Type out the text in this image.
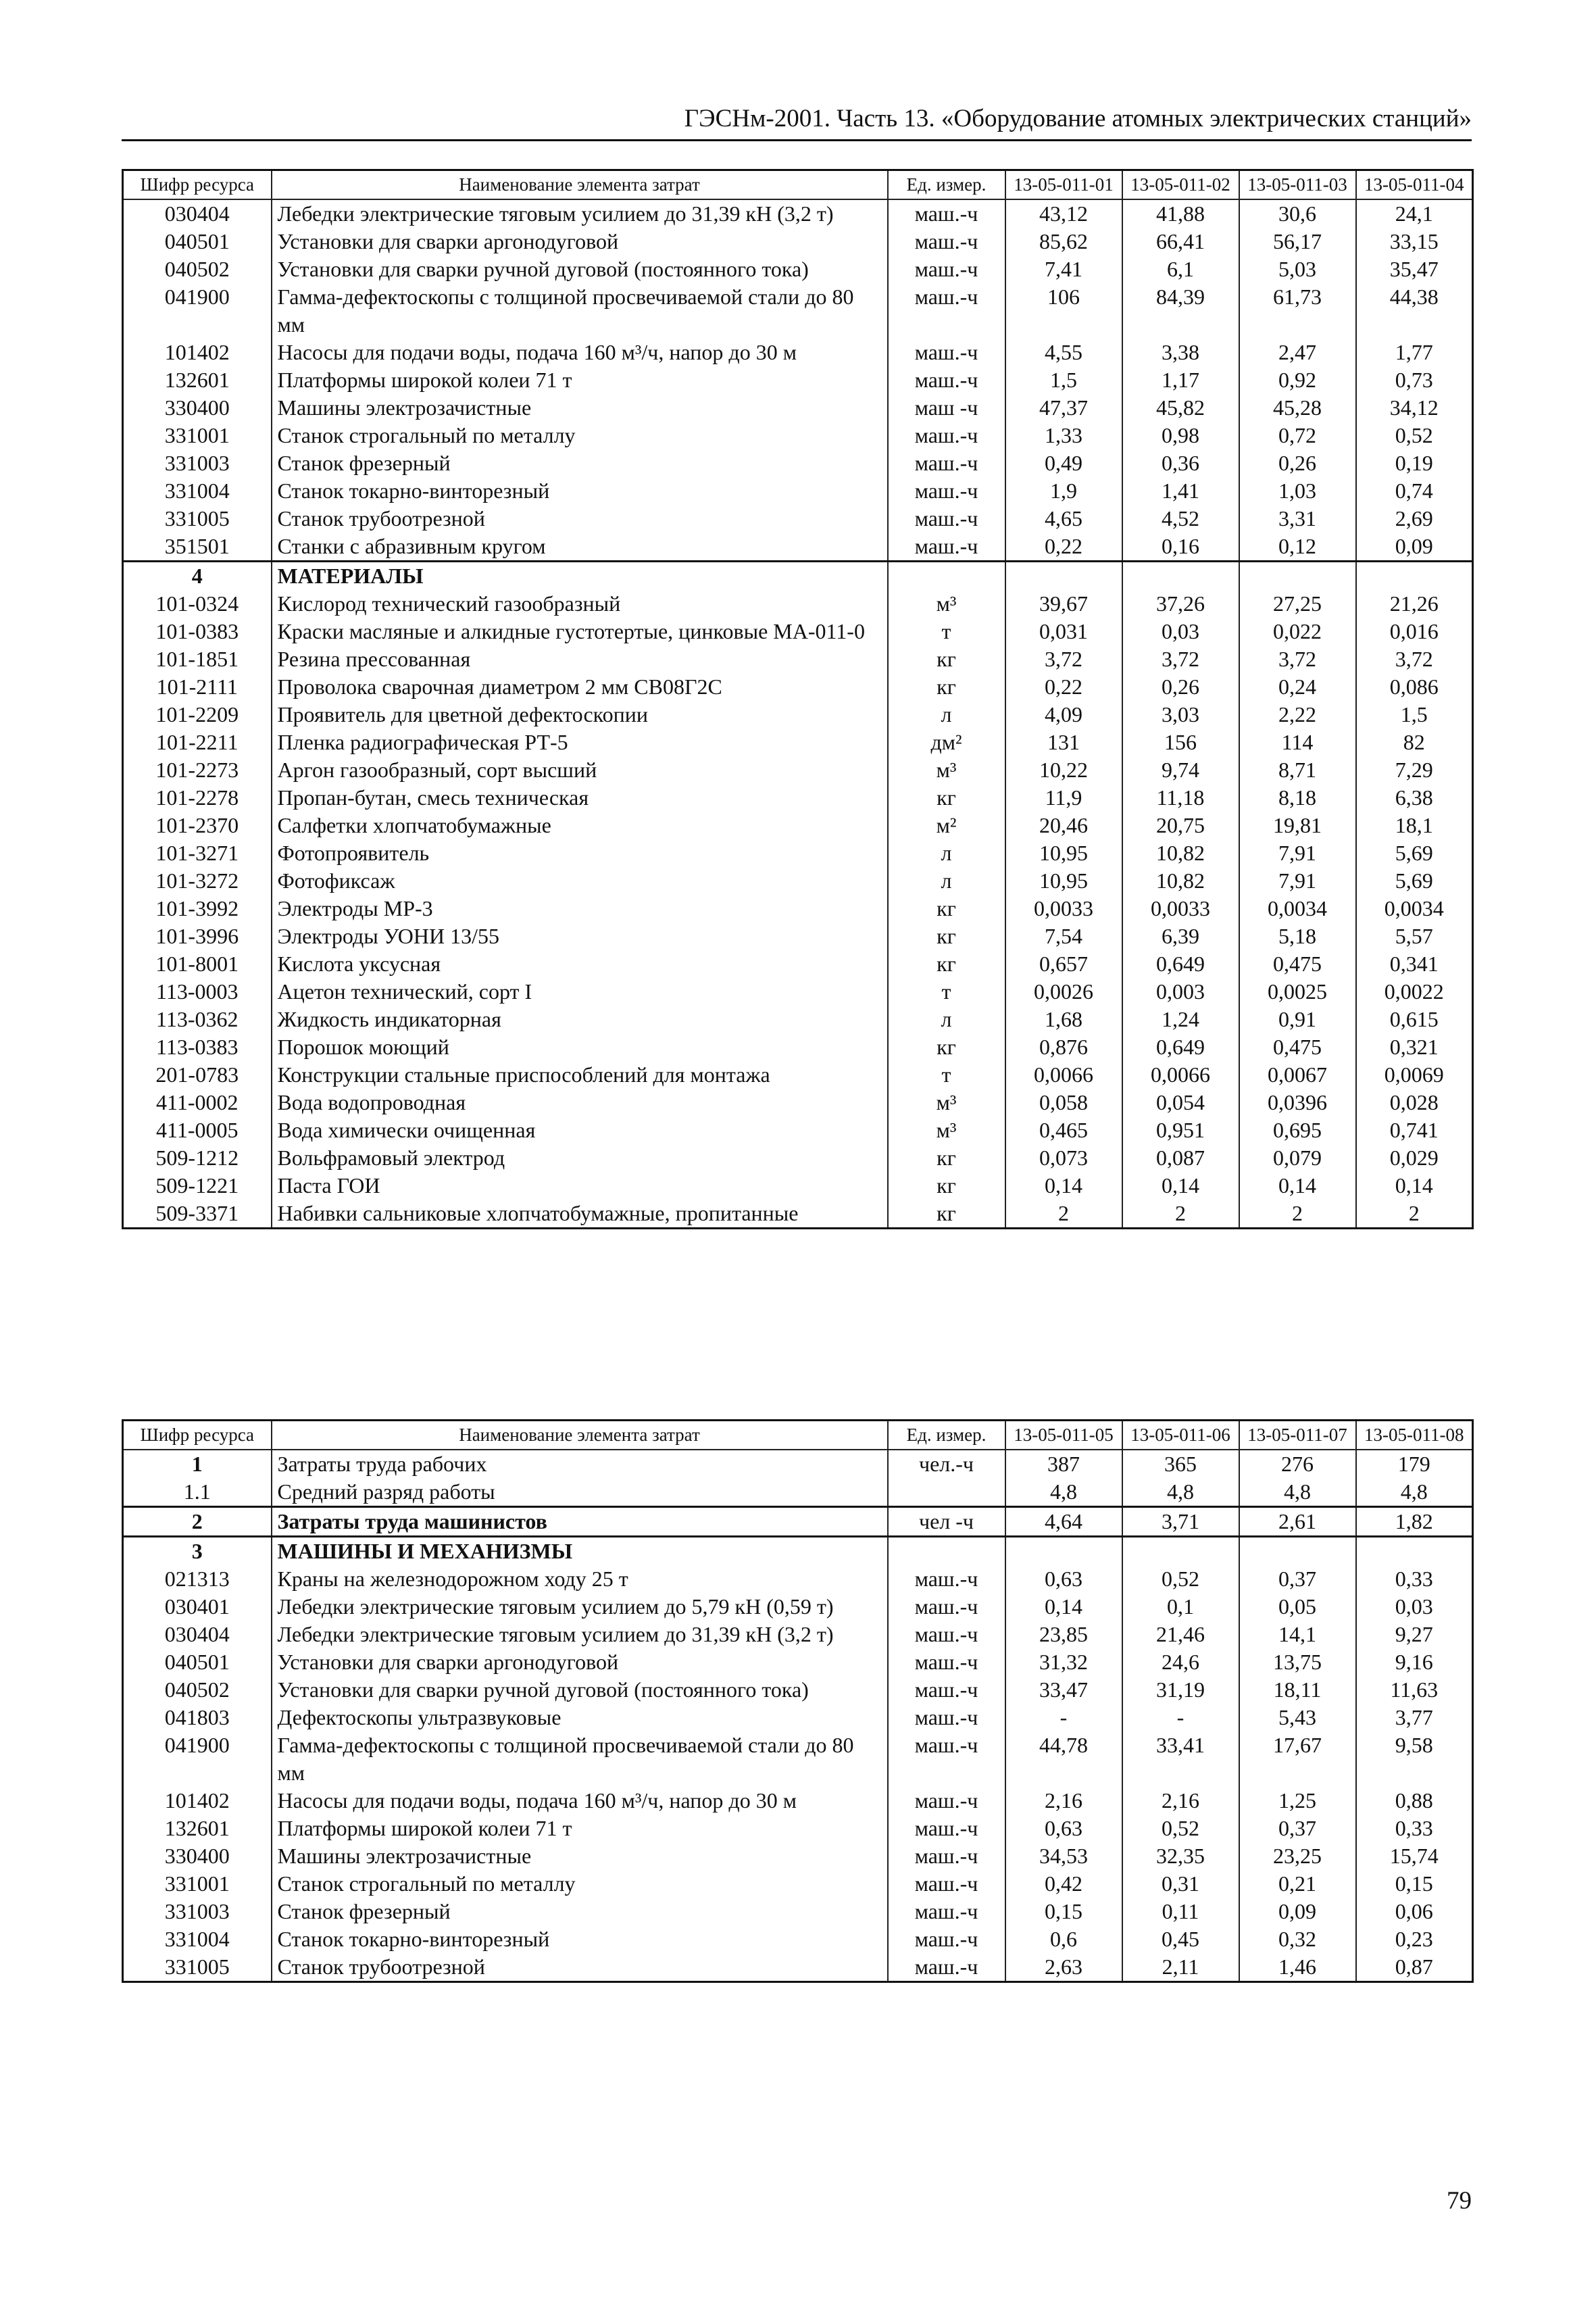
ГЭСНм-2001. Часть 13. «Оборудование атомных электрических станций»
Шифр ресурса	Наименование элемента затрат	Ед. измер.	13-05-011-01	13-05-011-02	13-05-011-03	13-05-011-04
030404	Лебедки электрические тяговым усилием до 31,39 кН (3,2 т)	маш.-ч	43,12	41,88	30,6	24,1
040501	Установки для сварки аргонодуговой	маш.-ч	85,62	66,41	56,17	33,15
040502	Установки для сварки ручной дуговой (постоянного тока)	маш.-ч	7,41	6,1	5,03	35,47
041900	Гамма-дефектоскопы с толщиной просвечиваемой стали до 80 мм	маш.-ч	106	84,39	61,73	44,38
101402	Насосы для подачи воды, подача 160 м³/ч, напор до 30 м	маш.-ч	4,55	3,38	2,47	1,77
132601	Платформы широкой колеи 71 т	маш.-ч	1,5	1,17	0,92	0,73
330400	Машины электрозачистные	маш -ч	47,37	45,82	45,28	34,12
331001	Станок строгальный по металлу	маш.-ч	1,33	0,98	0,72	0,52
331003	Станок фрезерный	маш.-ч	0,49	0,36	0,26	0,19
331004	Станок токарно-винторезный	маш.-ч	1,9	1,41	1,03	0,74
331005	Станок трубоотрезной	маш.-ч	4,65	4,52	3,31	2,69
351501	Станки с абразивным кругом	маш.-ч	0,22	0,16	0,12	0,09
4	МАТЕРИАЛЫ					
101-0324	Кислород технический газообразный	м³	39,67	37,26	27,25	21,26
101-0383	Краски масляные и алкидные густотертые, цинковые МА-011-0	т	0,031	0,03	0,022	0,016
101-1851	Резина прессованная	кг	3,72	3,72	3,72	3,72
101-2111	Проволока сварочная диаметром 2 мм СВ08Г2С	кг	0,22	0,26	0,24	0,086
101-2209	Проявитель для цветной дефектоскопии	л	4,09	3,03	2,22	1,5
101-2211	Пленка радиографическая РТ-5	дм²	131	156	114	82
101-2273	Аргон газообразный, сорт высший	м³	10,22	9,74	8,71	7,29
101-2278	Пропан-бутан, смесь техническая	кг	11,9	11,18	8,18	6,38
101-2370	Салфетки хлопчатобумажные	м²	20,46	20,75	19,81	18,1
101-3271	Фотопроявитель	л	10,95	10,82	7,91	5,69
101-3272	Фотофиксаж	л	10,95	10,82	7,91	5,69
101-3992	Электроды МР-3	кг	0,0033	0,0033	0,0034	0,0034
101-3996	Электроды УОНИ 13/55	кг	7,54	6,39	5,18	5,57
101-8001	Кислота уксусная	кг	0,657	0,649	0,475	0,341
113-0003	Ацетон технический, сорт I	т	0,0026	0,003	0,0025	0,0022
113-0362	Жидкость индикаторная	л	1,68	1,24	0,91	0,615
113-0383	Порошок моющий	кг	0,876	0,649	0,475	0,321
201-0783	Конструкции стальные приспособлений для монтажа	т	0,0066	0,0066	0,0067	0,0069
411-0002	Вода водопроводная	м³	0,058	0,054	0,0396	0,028
411-0005	Вода химически очищенная	м³	0,465	0,951	0,695	0,741
509-1212	Вольфрамовый электрод	кг	0,073	0,087	0,079	0,029
509-1221	Паста ГОИ	кг	0,14	0,14	0,14	0,14
509-3371	Набивки сальниковые хлопчатобумажные, пропитанные	кг	2	2	2	2
Шифр ресурса	Наименование элемента затрат	Ед. измер.	13-05-011-05	13-05-011-06	13-05-011-07	13-05-011-08
1	Затраты труда рабочих	чел.-ч	387	365	276	179
1.1	Средний разряд работы		4,8	4,8	4,8	4,8
2	Затраты труда машинистов	чел -ч	4,64	3,71	2,61	1,82
3	МАШИНЫ И МЕХАНИЗМЫ					
021313	Краны на железнодорожном ходу 25 т	маш.-ч	0,63	0,52	0,37	0,33
030401	Лебедки электрические тяговым усилием до 5,79 кН (0,59 т)	маш.-ч	0,14	0,1	0,05	0,03
030404	Лебедки электрические тяговым усилием до 31,39 кН (3,2 т)	маш.-ч	23,85	21,46	14,1	9,27
040501	Установки для сварки аргонодуговой	маш.-ч	31,32	24,6	13,75	9,16
040502	Установки для сварки ручной дуговой (постоянного тока)	маш.-ч	33,47	31,19	18,11	11,63
041803	Дефектоскопы ультразвуковые	маш.-ч	-	-	5,43	3,77
041900	Гамма-дефектоскопы с толщиной просвечиваемой стали до 80 мм	маш.-ч	44,78	33,41	17,67	9,58
101402	Насосы для подачи воды, подача 160 м³/ч, напор до 30 м	маш.-ч	2,16	2,16	1,25	0,88
132601	Платформы широкой колеи 71 т	маш.-ч	0,63	0,52	0,37	0,33
330400	Машины электрозачистные	маш.-ч	34,53	32,35	23,25	15,74
331001	Станок строгальный по металлу	маш.-ч	0,42	0,31	0,21	0,15
331003	Станок фрезерный	маш.-ч	0,15	0,11	0,09	0,06
331004	Станок токарно-винторезный	маш.-ч	0,6	0,45	0,32	0,23
331005	Станок трубоотрезной	маш.-ч	2,63	2,11	1,46	0,87
79
